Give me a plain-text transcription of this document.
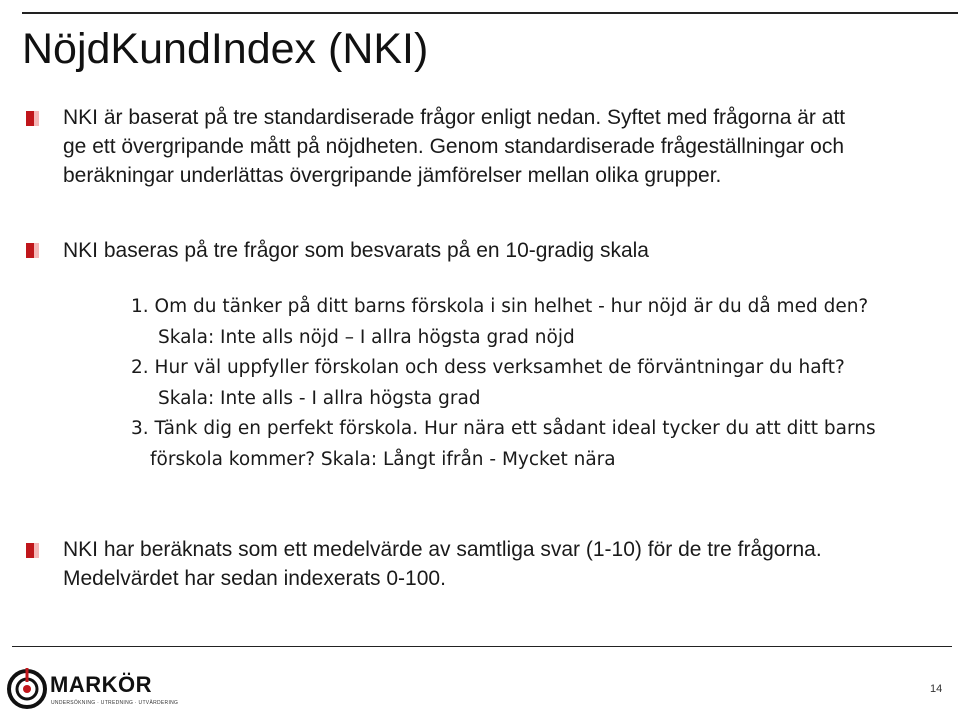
NöjdKundIndex (NKI)
NKI är baserat på tre standardiserade frågor enligt nedan. Syftet med frågorna är att
ge ett övergripande mått på nöjdheten. Genom standardiserade frågeställningar och
beräkningar underlättas övergripande jämförelser mellan olika grupper.
NKI baseras på tre frågor som besvarats på en 10-gradig skala
1. Om du tänker på ditt barns förskola i sin helhet - hur nöjd är du då med den?
Skala: Inte alls nöjd – I allra högsta grad nöjd
2. Hur väl uppfyller förskolan och dess verksamhet de förväntningar du haft?
Skala: Inte alls - I allra högsta grad
3. Tänk dig en perfekt förskola. Hur nära ett sådant ideal tycker du att ditt barns
förskola kommer? Skala: Långt ifrån - Mycket nära
NKI har beräknats som ett medelvärde av samtliga svar (1-10) för de tre frågorna.
Medelvärdet har sedan indexerats 0-100.
MARKÖR
UNDERSÖKNING · UTREDNING · UTVÄRDERING
14
